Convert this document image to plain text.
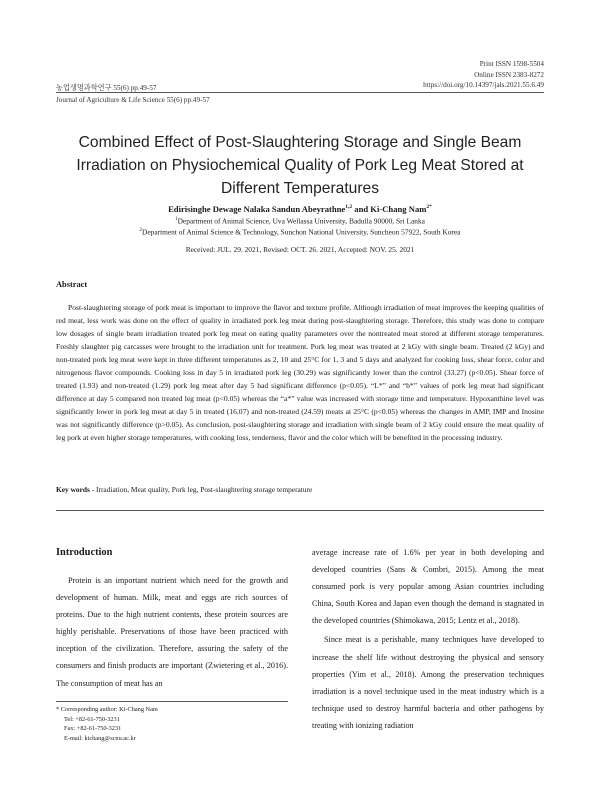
Print ISSN 1598-5504
Online ISSN 2383-8272
https://doi.org/10.14397/jals.2021.55.6.49
농업생명과학연구 55(6) pp.49-57
Journal of Agriculture & Life Science 55(6) pp.49-57
Combined Effect of Post-Slaughtering Storage and Single Beam
Irradiation on Physiochemical Quality of Pork Leg Meat Stored at
Different Temperatures
Edirisinghe Dewage Nalaka Sandun Abeyrathne$^{1,2}$ and Ki-Chang Nam$^{2*}$
$^1$Department of Animal Science, Uva Wellassa University, Badulla 90000, Sri Lanka
$^2$Department of Animal Science & Technology, Sunchon National University, Suncheon 57922, South Korea
Received: JUL. 29. 2021, Revised: OCT. 26. 2021, Accepted: NOV. 25. 2021
Abstract

Post-slaughtering storage of pork meat is important to improve the flavor and texture profile. Although irradiation of meat improves the keeping qualities of red meat, less work was done on the effect of quality in irradiated pork leg meat during post-slaughtering storage. Therefore, this study was done to compare low dosages of single beam irradiation treated pork leg meat on eating quality parameters over the nontreated meat stored at different storage temperatures. Freshly slaughter pig carcasses were brought to the irradiation unit for treatment. Pork leg meat was treated at 2 kGy with single beam. Treated (2 kGy) and non-treated pork leg meat were kept in three different temperatures as 2, 10 and 25°C for 1, 3 and 5 days and analyzed for cooking loss, shear force, color and nitrogenous flavor compounds. Cooking loss in day 5 in irradiated pork leg (30.29) was significantly lower than the control (33.27) (p<0.05). Shear force of treated (1.93) and non-treated (1.29) pork leg meat after day 5 had significant difference (p<0.05). “L*” and “b*” values of pork leg meat had significant difference at day 5 compared non treated leg meat (p<0.05) whereas the “a*” value was increased with storage time and temperature. Hypoxanthine level was significantly lower in pork leg meat at day 5 in treated (16.07) and non-treated (24.59) meats at 25°C (p<0.05) whereas the changes in AMP, IMP and Inosine was not significantly difference (p>0.05). As conclusion, post-slaughtering storage and irradiation with single beam of 2 kGy could ensure the meat quality of leg pork at even higher storage temperatures, with cooking loss, tenderness, flavor and the color which will be benefited in the processing industry.

Key words - Irradiation, Meat quality, Pork leg, Post-slaughtering storage temperature
Introduction

Protein is an important nutrient which need for the growth and development of human. Milk, meat and eggs are rich sources of proteins. Due to the high nutrient contents, these protein sources are highly perishable. Preservations of those have been practiced with inception of the civilization. Therefore, assuring the safety of the consumers and finish products are important (Zwietering et al., 2016). The consumption of meat has an

average increase rate of 1.6% per year in both developing and developed countries (Sans & Combri, 2015). Among the meat consumed pork is very popular among Asian countries including China, South Korea and Japan even though the demand is stagnated in the developed countries (Shimokawa, 2015; Lentz et al., 2018).

Since meat is a perishable, many techniques have developed to increase the shelf life without destroying the physical and sensory properties (Yim et al., 2018). Among the preservation techniques irradiation is a novel technique used in the meat industry which is a technique used to destroy harmful bacteria and other pathogens by treating with ionizing radiation

* Corresponding author: Ki-Chang Nam
Tel: +82-61-750-3231
Fax: +82-61-750-3231
E-mail: kichang@scnu.ac.kr
